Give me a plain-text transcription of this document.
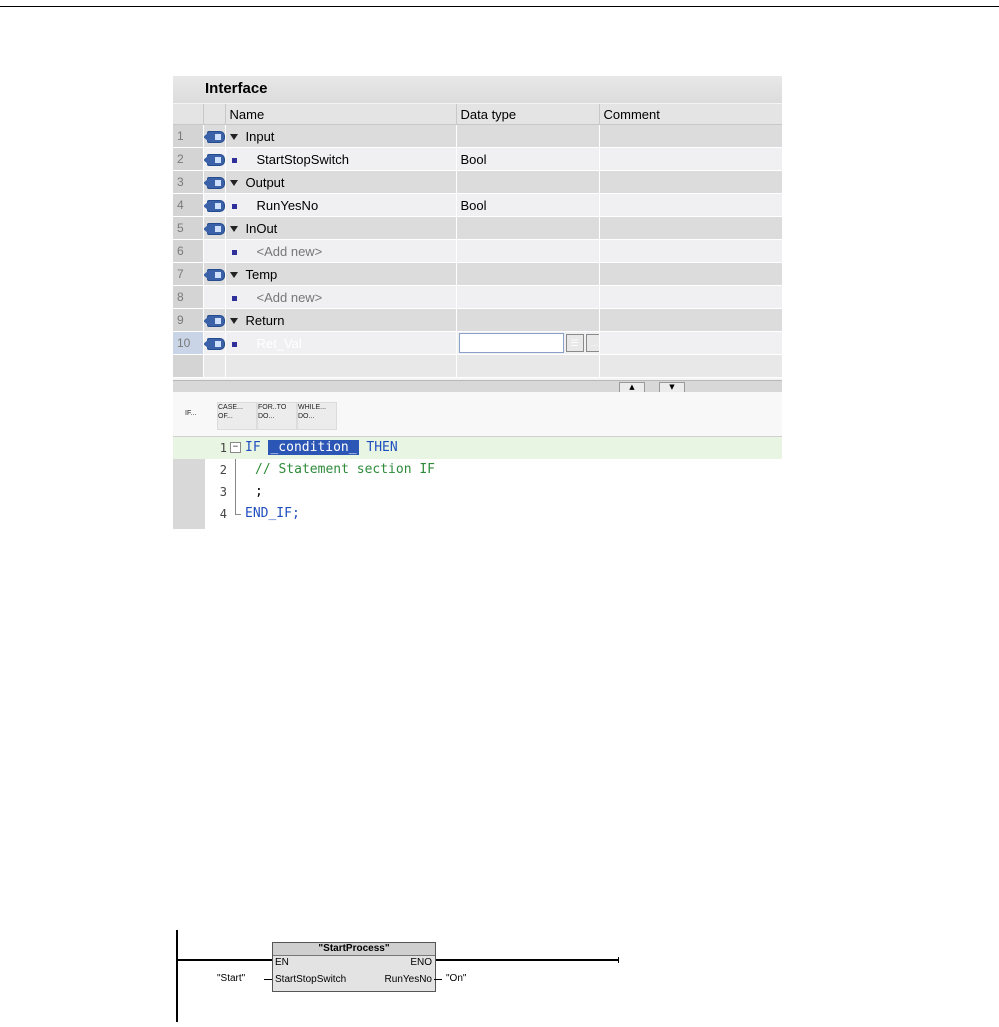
Interface
		Name	Data type	Comment
1		Input		
2		StartStopSwitch	Bool	
3		Output		
4		RunYesNo	Bool	
5		InOut		
6		<Add new>		
7		Temp		
8		<Add new>		
9		Return		
10		Ret_Val	Void ☰ ...	

▲	▼
IF...
CASE...
OF...
FOR..TO
DO...
WHILE...
DO...
1 − IF _condition_ THEN
2 // Statement section IF
3 ;
4 END_IF;
"StartProcess"
EN	ENO
StartStopSwitch	RunYesNo
"Start"	"On"
